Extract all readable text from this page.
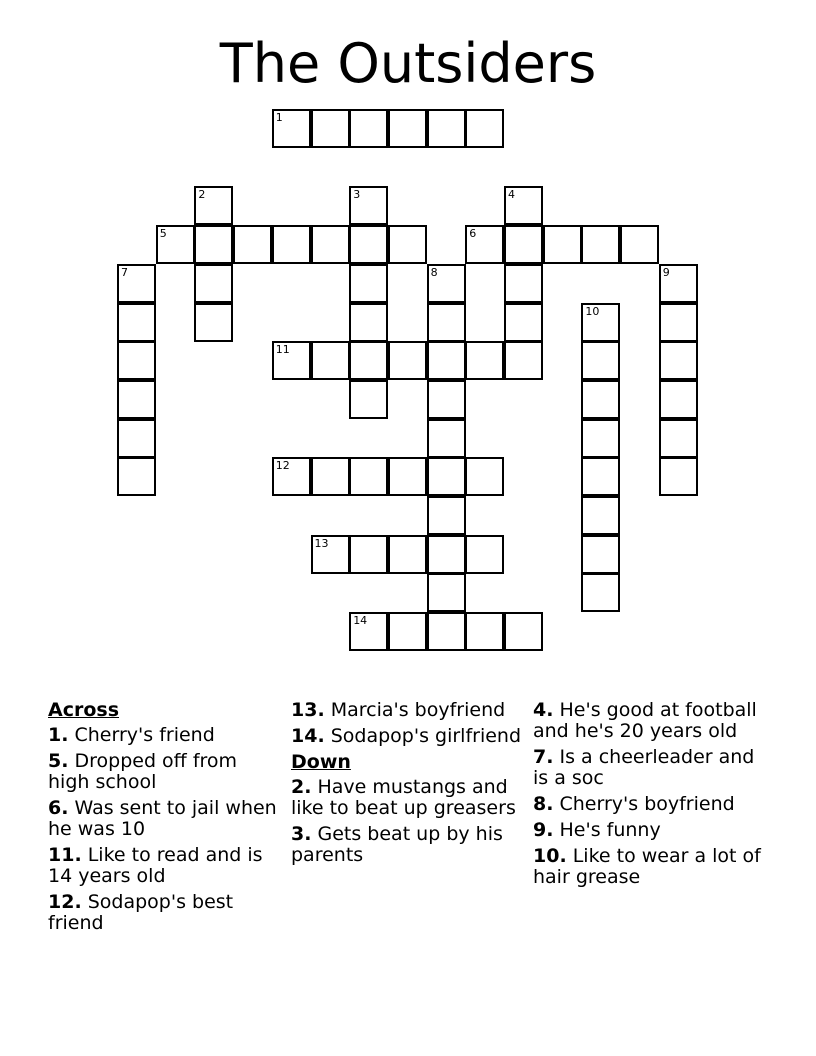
The Outsiders
1
2	3	4
5	6
7	8	9
10
11
12
13
14
Across
1. Cherry's friend
5. Dropped off from high school
6. Was sent to jail when he was 10
11. Like to read and is 14 years old
12. Sodapop's best friend
13. Marcia's boyfriend
14. Sodapop's girlfriend
Down
2. Have mustangs and like to beat up greasers
3. Gets beat up by his parents
4. He's good at football and he's 20 years old
7. Is a cheerleader and is a soc
8. Cherry's boyfriend
9. He's funny
10. Like to wear a lot of hair grease
